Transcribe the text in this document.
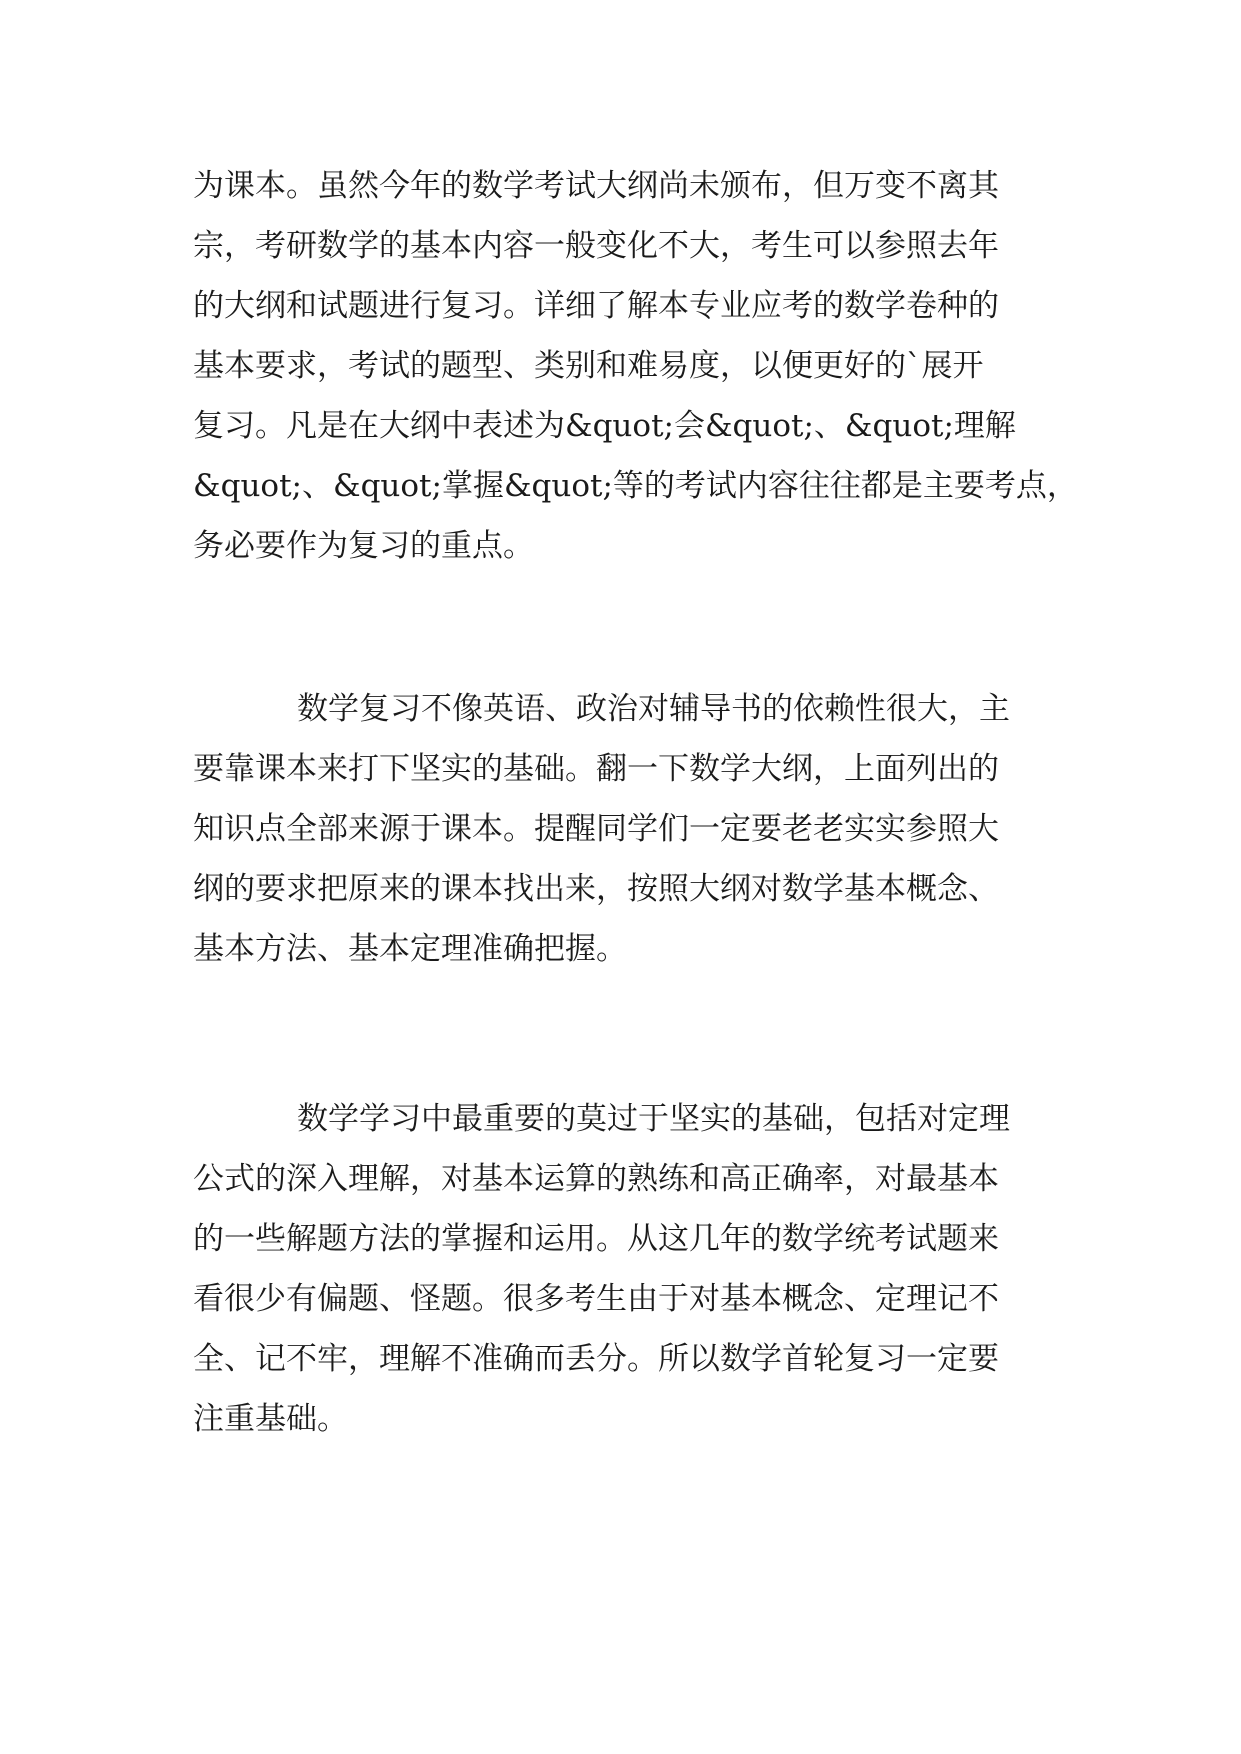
为课本。虽然今年的数学考试大纲尚未颁布，但万变不离其
宗，考研数学的基本内容一般变化不大，考生可以参照去年
的大纲和试题进行复习。详细了解本专业应考的数学卷种的
基本要求，考试的题型、类别和难易度，以便更好的`展开
复习。凡是在大纲中表述为&quot;会&quot;、&quot;理解
&quot;、&quot;掌握&quot;等的考试内容往往都是主要考点，
务必要作为复习的重点。
数学复习不像英语、政治对辅导书的依赖性很大，主
要靠课本来打下坚实的基础。翻一下数学大纲，上面列出的
知识点全部来源于课本。提醒同学们一定要老老实实参照大
纲的要求把原来的课本找出来，按照大纲对数学基本概念、
基本方法、基本定理准确把握。
数学学习中最重要的莫过于坚实的基础，包括对定理
公式的深入理解，对基本运算的熟练和高正确率，对最基本
的一些解题方法的掌握和运用。从这几年的数学统考试题来
看很少有偏题、怪题。很多考生由于对基本概念、定理记不
全、记不牢，理解不准确而丢分。所以数学首轮复习一定要
注重基础。
